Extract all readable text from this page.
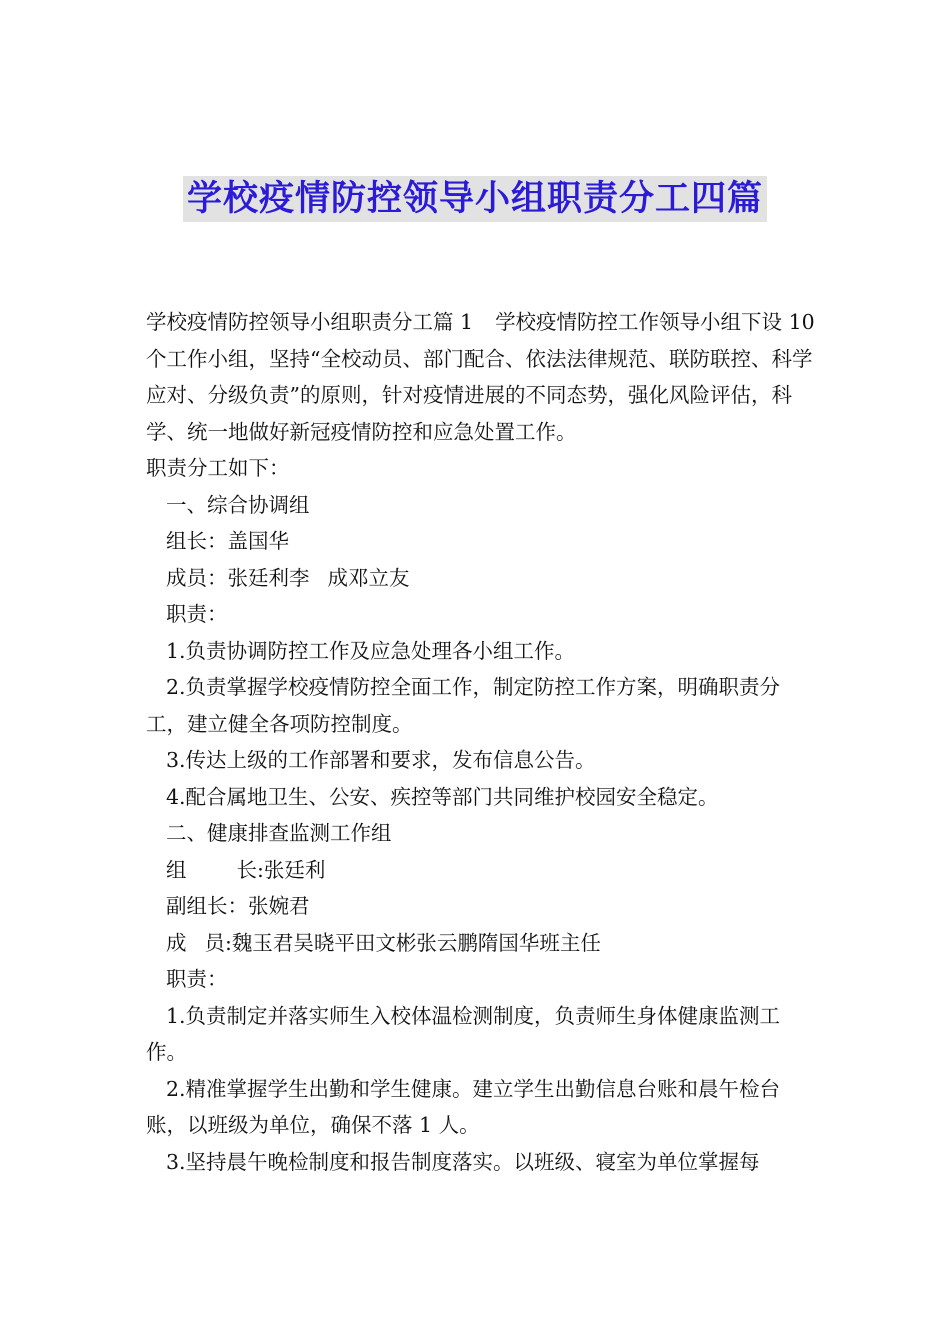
学校疫情防控领导小组职责分工四篇

学校疫情防控领导小组职责分工篇 1 学校疫情防控工作领导小组下设 10 个工作小组，坚持“全校动员、部门配合、依法法律规范、联防联控、科学应对、分级负责”的原则，针对疫情进展的不同态势，强化风险评估，科学、统一地做好新冠疫情防控和应急处置工作。

职责分工如下：

一、综合协调组

组长：盖国华

成员：张廷利李 成邓立友

职责：

1.负责协调防控工作及应急处理各小组工作。

2.负责掌握学校疫情防控全面工作，制定防控工作方案，明确职责分工，建立健全各项防控制度。

3.传达上级的工作部署和要求，发布信息公告。

4.配合属地卫生、公安、疾控等部门共同维护校园安全稳定。

二、健康排查监测工作组

组 长:张廷利

副组长：张婉君

成 员:魏玉君吴晓平田文彬张云鹏隋国华班主任

职责：

1.负责制定并落实师生入校体温检测制度，负责师生身体健康监测工作。

2.精准掌握学生出勤和学生健康。建立学生出勤信息台账和晨午检台账，以班级为单位，确保不落 1 人。

3.坚持晨午晚检制度和报告制度落实。以班级、寝室为单位掌握每
